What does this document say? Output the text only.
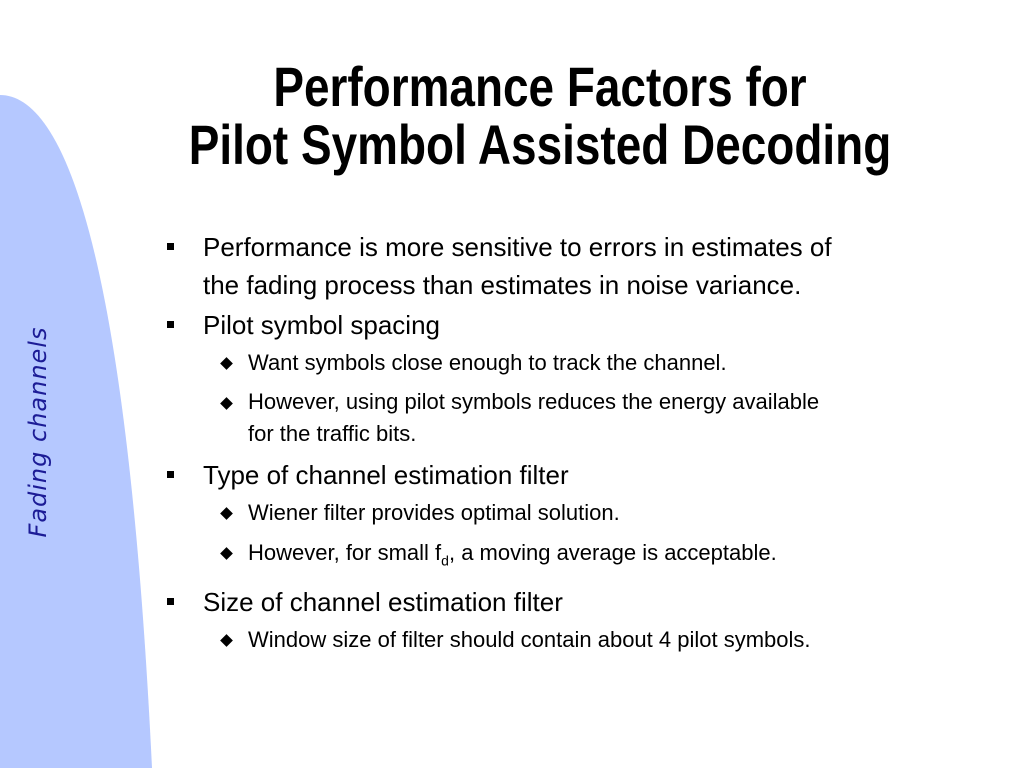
Fading channels
Performance Factors for
Pilot Symbol Assisted Decoding
Performance is more sensitive to errors in estimates of
the fading process than estimates in noise variance.
Pilot symbol spacing
Want symbols close enough to track the channel.
However, using pilot symbols reduces the energy available
for the traffic bits.
Type of channel estimation filter
Wiener filter provides optimal solution.
However, for small $f_d$, a moving average is acceptable.
Size of channel estimation filter
Window size of filter should contain about 4 pilot symbols.
